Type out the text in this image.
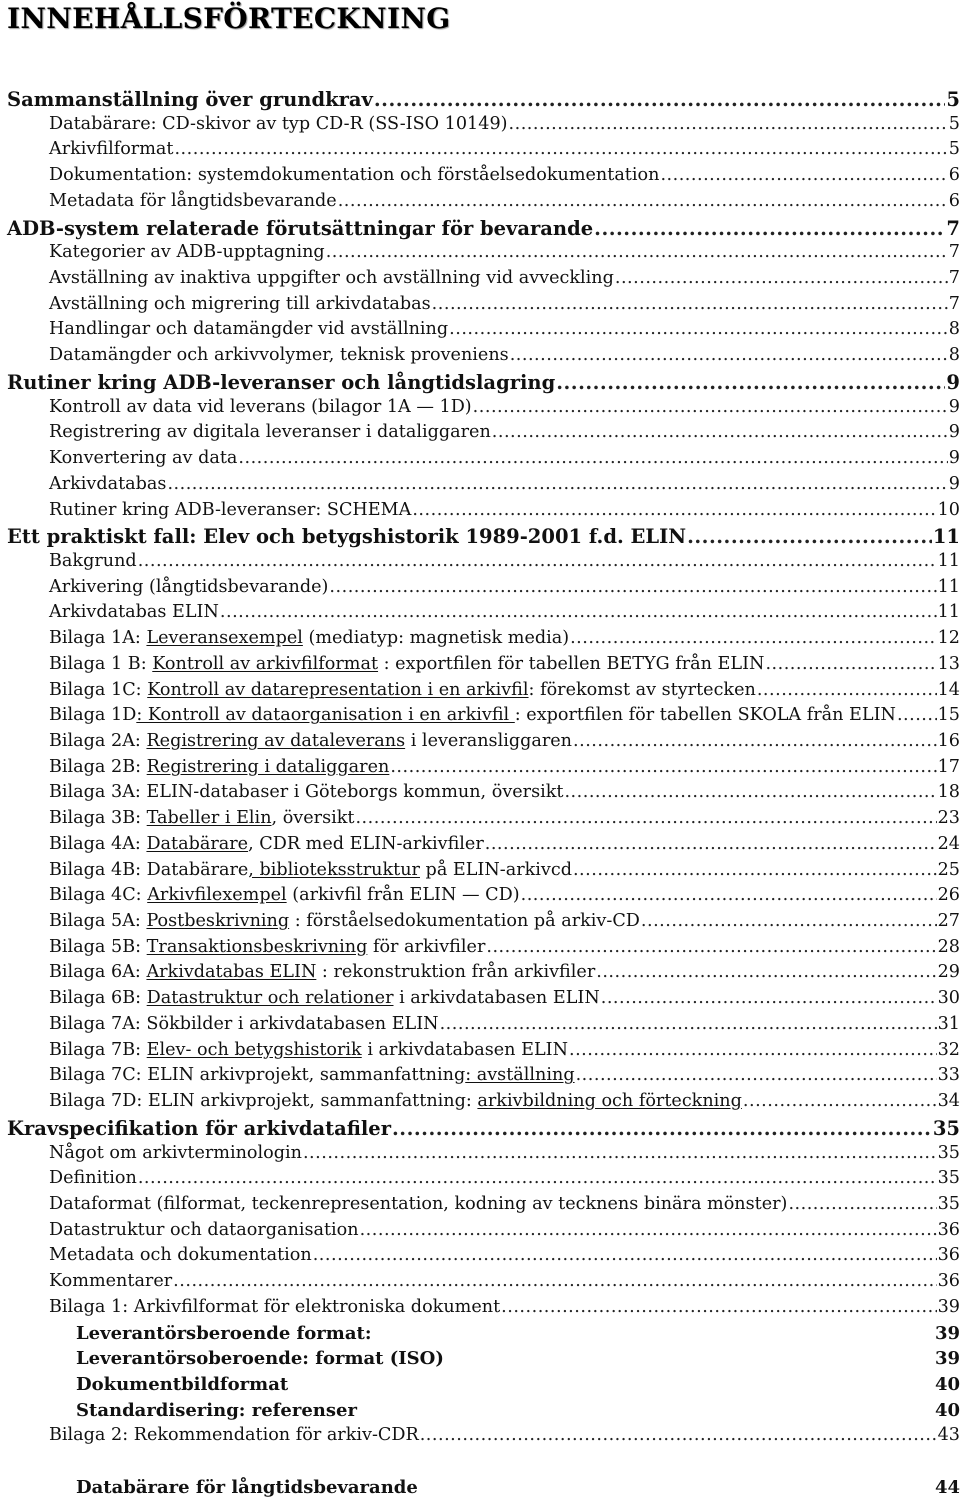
INNEHÅLLSFÖRTECKNING
Sammanställning över grundkrav .....	5
Databärare: CD-skivor av typ CD-R (SS-ISO 10149) .....	5
Arkivfilformat .....	5
Dokumentation: systemdokumentation och förståelsedokumentation .....	6
Metadata för långtidsbevarande .....	6
ADB-system relaterade förutsättningar för bevarande .....	7
Kategorier av ADB-upptagning .....	7
Avställning av inaktiva uppgifter och avställning vid avveckling .....	7
Avställning och migrering till arkivdatabas .....	7
Handlingar och datamängder vid avställning .....	8
Datamängder och arkivvolymer, teknisk proveniens .....	8
Rutiner kring ADB-leveranser och långtidslagring .....	9
Kontroll av data vid leverans (bilagor 1A — 1D) .....	9
Registrering av digitala leveranser i dataliggaren .....	9
Konvertering av data .....	9
Arkivdatabas .....	9
Rutiner kring ADB-leveranser: SCHEMA .....	10
Ett praktiskt fall: Elev och betygshistorik 1989-2001 f.d. ELIN .....	11
Bakgrund .....	11
Arkivering (långtidsbevarande) .....	11
Arkivdatabas ELIN .....	11
Bilaga 1A: Leveransexempel (mediatyp: magnetisk media) .....	12
Bilaga 1 B: Kontroll av arkivfilformat : exportfilen för tabellen BETYG från ELIN .....	13
Bilaga 1C: Kontroll av datarepresentation i en arkivfil: förekomst av styrtecken .....	14
Bilaga 1D: Kontroll av dataorganisation i en arkivfil : exportfilen för tabellen SKOLA från ELIN ..... 15
Bilaga 2A: Registrering av dataleverans i leveransliggaren .....	16
Bilaga 2B: Registrering i dataliggaren .....	17
Bilaga 3A: ELIN-databaser i Göteborgs kommun, översikt .....	18
Bilaga 3B: Tabeller i Elin, översikt .....	23
Bilaga 4A: Databärare, CDR med ELIN-arkivfiler .....	24
Bilaga 4B: Databärare, biblioteksstruktur på ELIN-arkivcd .....	25
Bilaga 4C: Arkivfilexempel (arkivfil från ELIN — CD) .....	26
Bilaga 5A: Postbeskrivning : förståelsedokumentation på arkiv-CD .....	27
Bilaga 5B: Transaktionsbeskrivning för arkivfiler .....	28
Bilaga 6A: Arkivdatabas ELIN : rekonstruktion från arkivfiler .....	29
Bilaga 6B: Datastruktur och relationer i arkivdatabasen ELIN .....	30
Bilaga 7A: Sökbilder i arkivdatabasen ELIN .....	31
Bilaga 7B: Elev- och betygshistorik i arkivdatabasen ELIN .....	32
Bilaga 7C: ELIN arkivprojekt, sammanfattning: avställning .....	33
Bilaga 7D: ELIN arkivprojekt, sammanfattning: arkivbildning och förteckning .....	34
Kravspecifikation för arkivdatafiler .....	35
Något om arkivterminologin .....	35
Definition .....	35
Dataformat (filformat, teckenrepresentation, kodning av tecknens binära mönster) .....	35
Datastruktur och dataorganisation .....	36
Metadata och dokumentation .....	36
Kommentarer .....	36
Bilaga 1: Arkivfilformat för elektroniska dokument .....	39
Leverantörsberoende format:	39
Leverantörsoberoende: format (ISO)	39
Dokumentbildformat	40
Standardisering: referenser	40
Bilaga 2: Rekommendation för arkiv-CDR .....	43
Databärare för långtidsbevarande	44
